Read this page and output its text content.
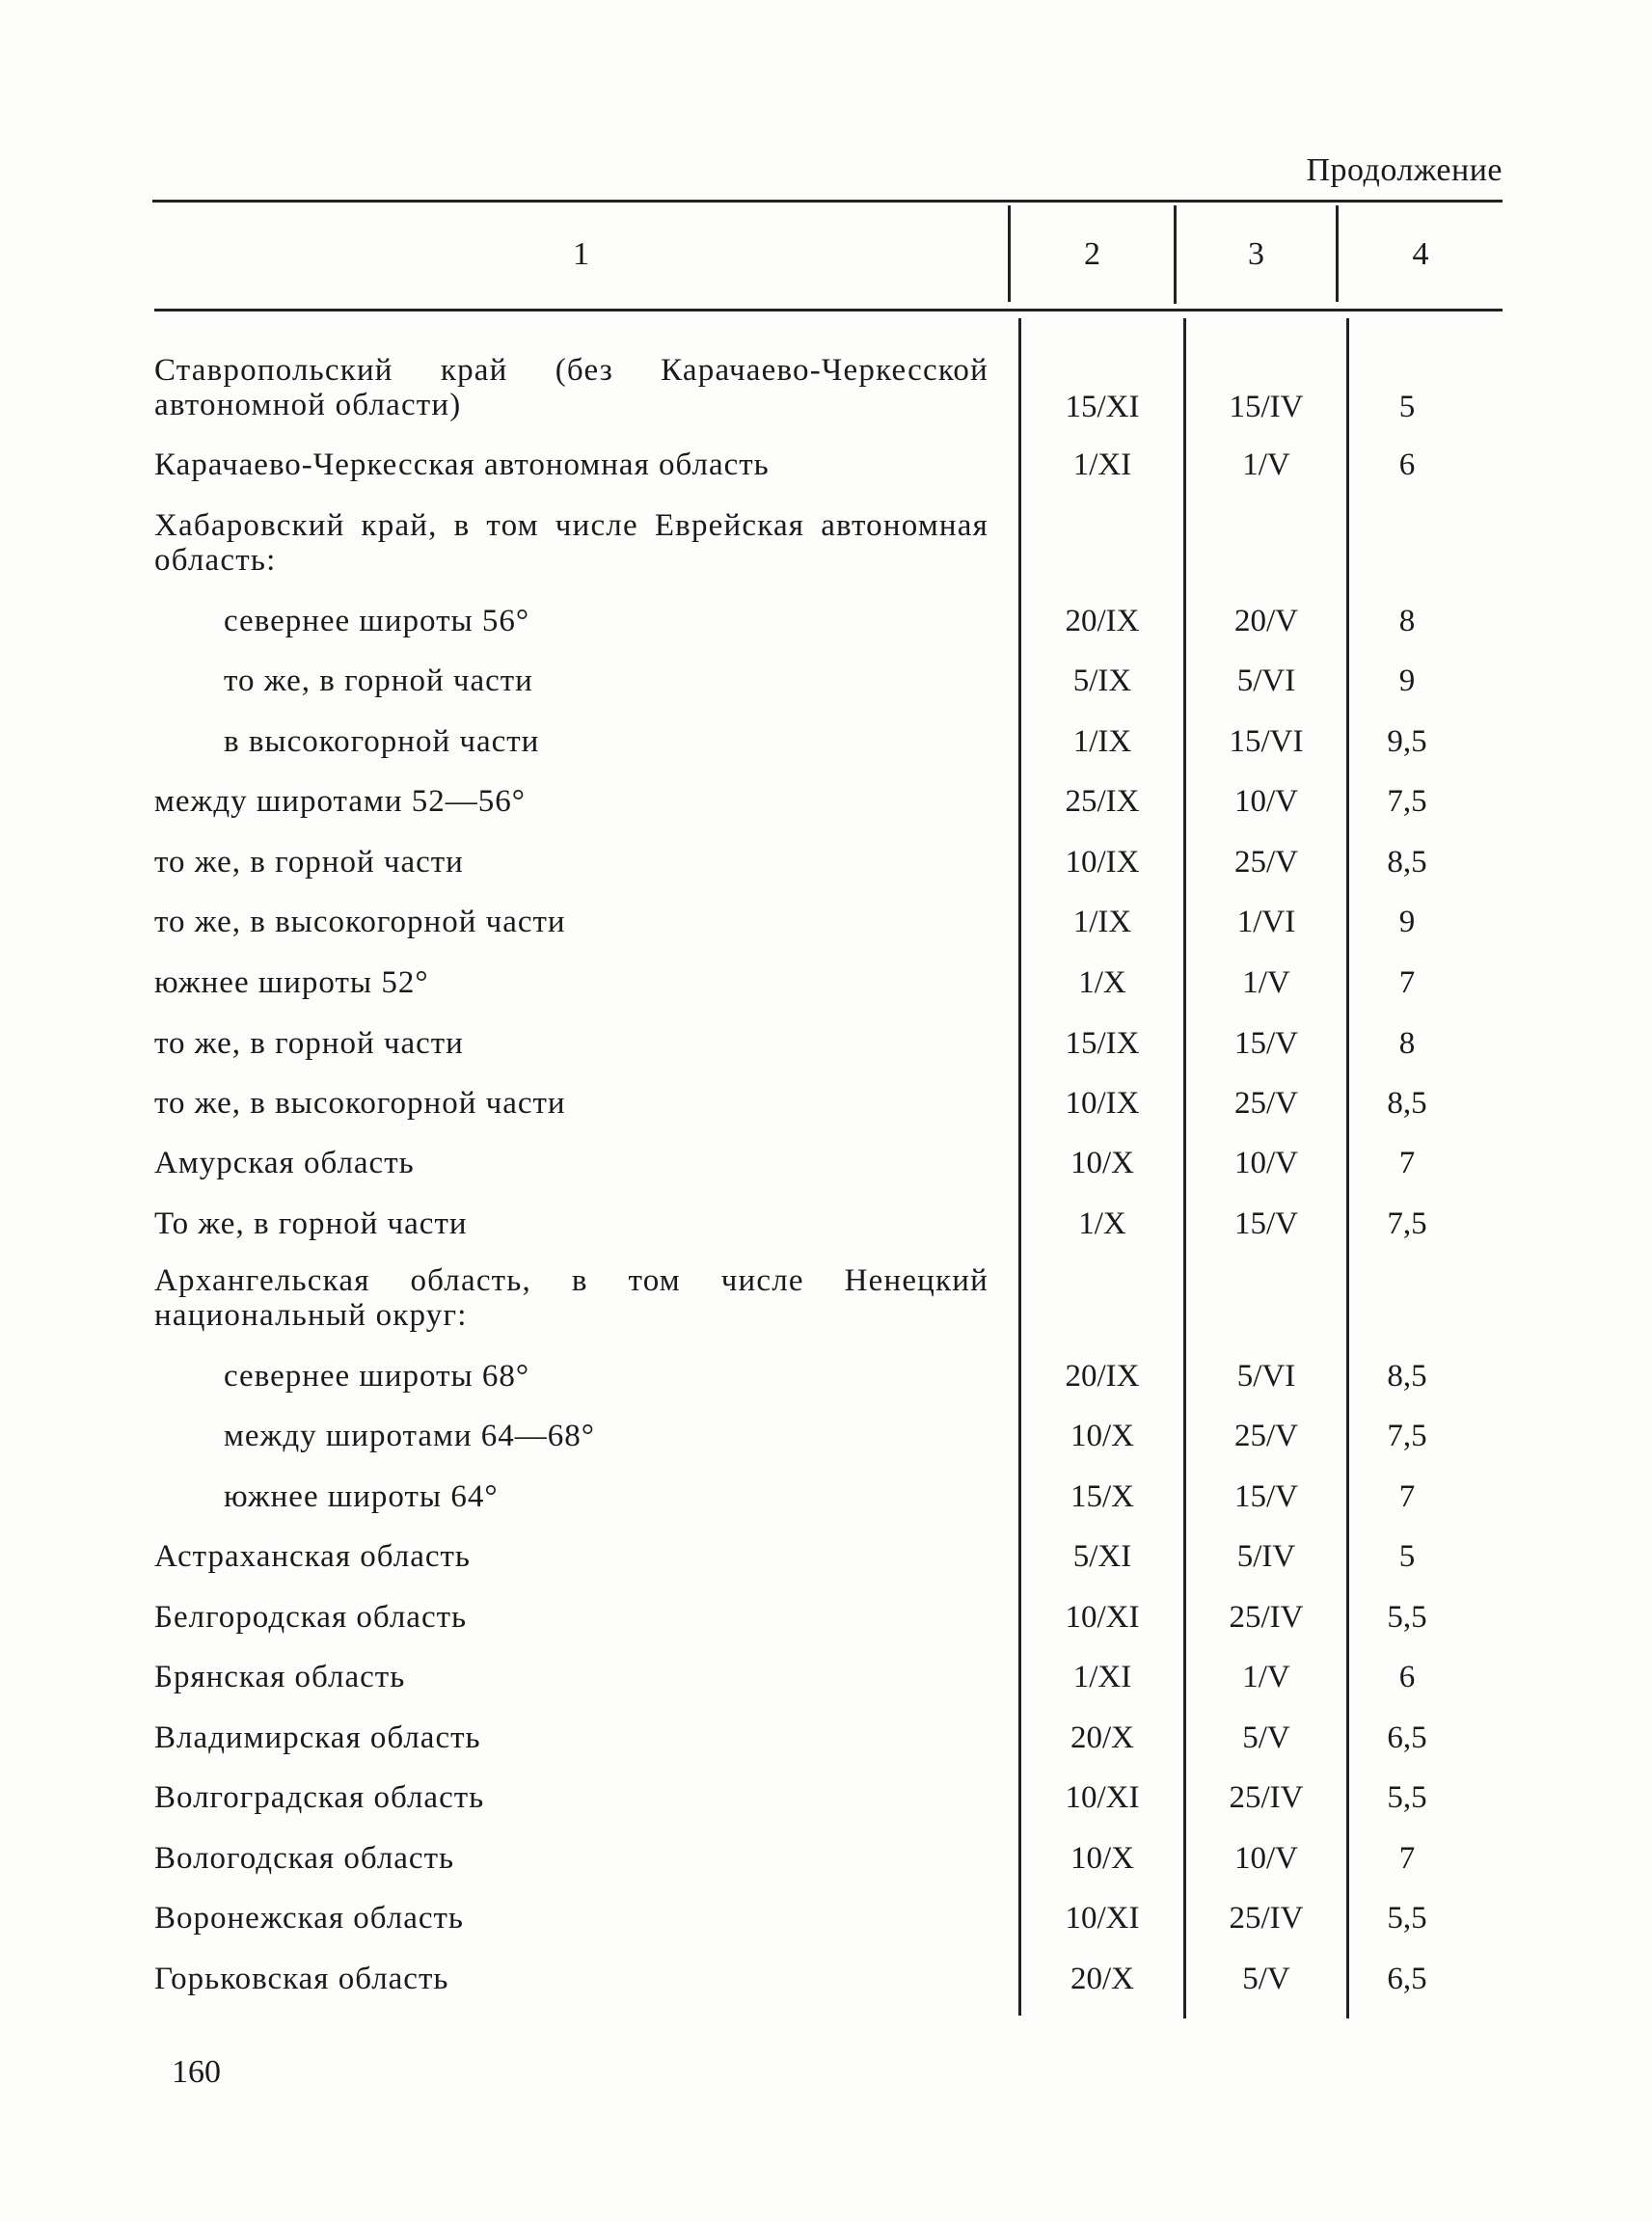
Продолжение
1	2	3	4
Ставропольский край (без Карачаево-Черкесской автономной области)	15/XI	15/IV	5
Карачаево-Черкесская автономная область	1/XI	1/V	6
Хабаровский край, в том числе Еврейская автономная область:
севернее широты 56°	20/IX	20/V	8
то же, в горной части	5/IX	5/VI	9
в высокогорной части	1/IX	15/VI	9,5
между широтами 52—56°	25/IX	10/V	7,5
то же, в горной части	10/IX	25/V	8,5
то же, в высокогорной части	1/IX	1/VI	9
южнее широты 52°	1/X	1/V	7
то же, в горной части	15/IX	15/V	8
то же, в высокогорной части	10/IX	25/V	8,5
Амурская область	10/X	10/V	7
То же, в горной части	1/X	15/V	7,5
Архангельская область, в том числе Ненецкий национальный округ:
севернее широты 68°	20/IX	5/VI	8,5
между широтами 64—68°	10/X	25/V	7,5
южнее широты 64°	15/X	15/V	7
Астраханская область	5/XI	5/IV	5
Белгородская область	10/XI	25/IV	5,5
Брянская область	1/XI	1/V	6
Владимирская область	20/X	5/V	6,5
Волгоградская область	10/XI	25/IV	5,5
Вологодская область	10/X	10/V	7
Воронежская область	10/XI	25/IV	5,5
Горьковская область	20/X	5/V	6,5
160
